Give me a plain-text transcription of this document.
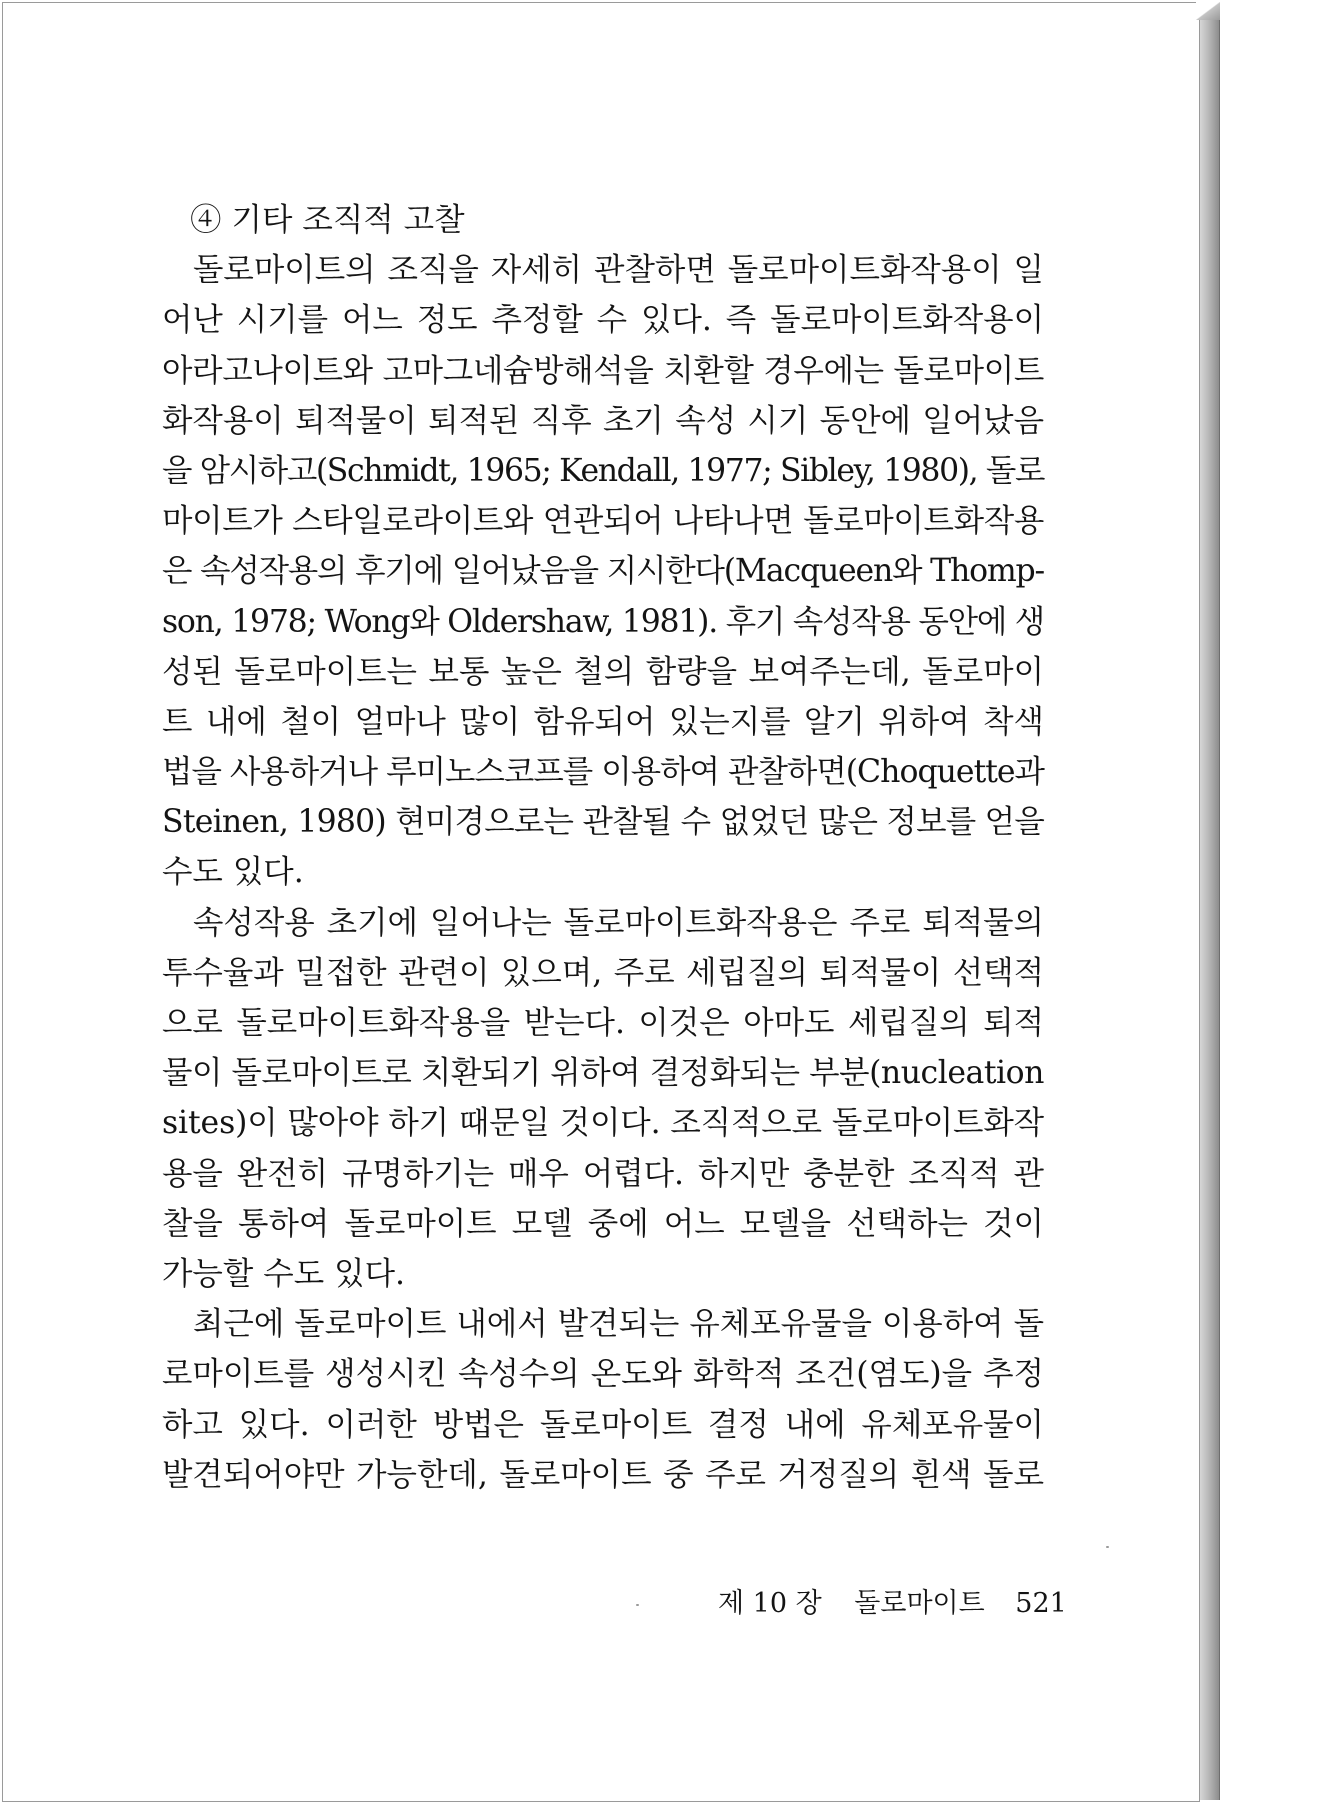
④ 기타 조직적 고찰
돌로마이트의 조직을 자세히 관찰하면 돌로마이트화작용이 일
어난 시기를 어느 정도 추정할 수 있다. 즉 돌로마이트화작용이
아라고나이트와 고마그네슘방해석을 치환할 경우에는 돌로마이트
화작용이 퇴적물이 퇴적된 직후 초기 속성 시기 동안에 일어났음
을 암시하고(Schmidt, 1965; Kendall, 1977; Sibley, 1980), 돌로
마이트가 스타일로라이트와 연관되어 나타나면 돌로마이트화작용
은 속성작용의 후기에 일어났음을 지시한다(Macqueen와 Thomp-
son, 1978; Wong와 Oldershaw, 1981). 후기 속성작용 동안에 생
성된 돌로마이트는 보통 높은 철의 함량을 보여주는데, 돌로마이
트 내에 철이 얼마나 많이 함유되어 있는지를 알기 위하여 착색
법을 사용하거나 루미노스코프를 이용하여 관찰하면(Choquette과
Steinen, 1980) 현미경으로는 관찰될 수 없었던 많은 정보를 얻을
수도 있다.
속성작용 초기에 일어나는 돌로마이트화작용은 주로 퇴적물의
투수율과 밀접한 관련이 있으며, 주로 세립질의 퇴적물이 선택적
으로 돌로마이트화작용을 받는다. 이것은 아마도 세립질의 퇴적
물이 돌로마이트로 치환되기 위하여 결정화되는 부분(nucleation
sites)이 많아야 하기 때문일 것이다. 조직적으로 돌로마이트화작
용을 완전히 규명하기는 매우 어렵다. 하지만 충분한 조직적 관
찰을 통하여 돌로마이트 모델 중에 어느 모델을 선택하는 것이
가능할 수도 있다.
최근에 돌로마이트 내에서 발견되는 유체포유물을 이용하여 돌
로마이트를 생성시킨 속성수의 온도와 화학적 조건(염도)을 추정
하고 있다. 이러한 방법은 돌로마이트 결정 내에 유체포유물이
발견되어야만 가능한데, 돌로마이트 중 주로 거정질의 흰색 돌로
제 10 장 돌로마이트 521
